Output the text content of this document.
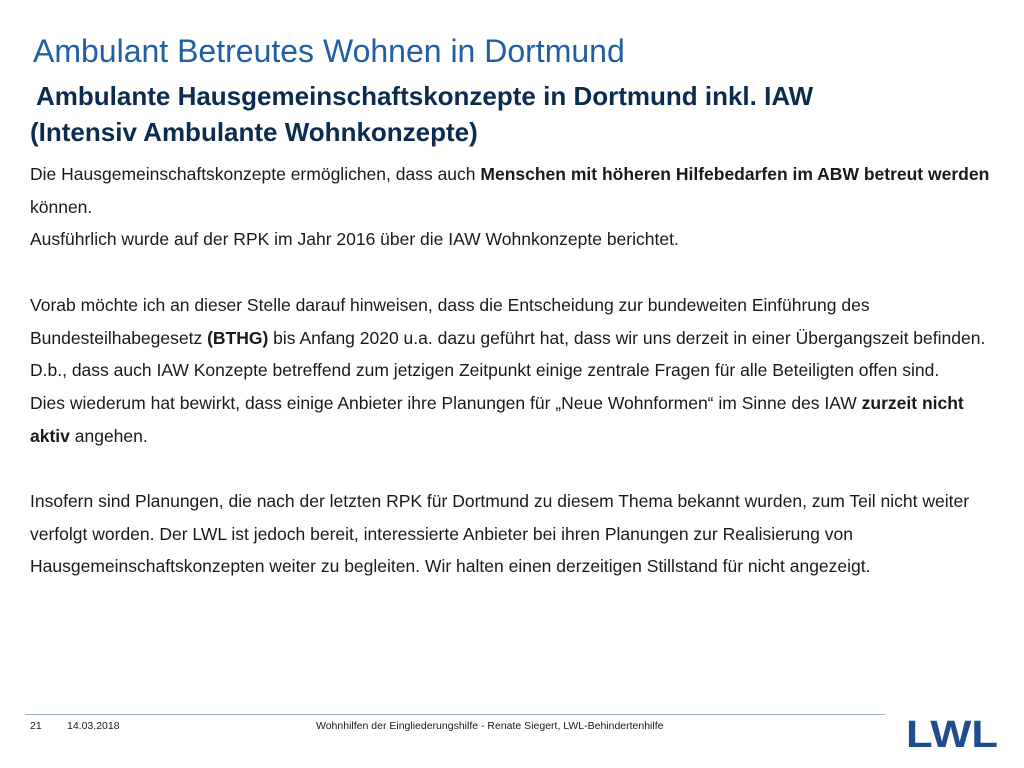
Ambulant Betreutes Wohnen in Dortmund
Ambulante Hausgemeinschaftskonzepte in Dortmund inkl. IAW
(Intensiv Ambulante Wohnkonzepte)

Die Hausgemeinschaftskonzepte ermöglichen, dass auch Menschen mit höheren Hilfebedarfen im ABW betreut werden können.

Ausführlich wurde auf der RPK im Jahr 2016 über die IAW Wohnkonzepte berichtet.

Vorab möchte ich an dieser Stelle darauf hinweisen, dass die Entscheidung zur bundeweiten Einführung des Bundesteilhabegesetz (BTHG) bis Anfang 2020 u.a. dazu geführt hat, dass wir uns derzeit in einer Übergangszeit befinden. D.b., dass auch IAW Konzepte betreffend zum jetzigen Zeitpunkt einige zentrale Fragen für alle Beteiligten offen sind.

Dies wiederum hat bewirkt, dass einige Anbieter ihre Planungen für „Neue Wohnformen“ im Sinne des IAW zurzeit nicht aktiv angehen.

Insofern sind Planungen, die nach der letzten RPK für Dortmund zu diesem Thema bekannt wurden, zum Teil nicht weiter verfolgt worden. Der LWL ist jedoch bereit, interessierte Anbieter bei ihren Planungen zur Realisierung von Hausgemeinschaftskonzepten weiter zu begleiten. Wir halten einen derzeitigen Stillstand für nicht angezeigt.

21 14.03.2018	Wohnhilfen der Eingliederungshilfe - Renate Siegert, LWL-Behindertenhilfe	LWL
